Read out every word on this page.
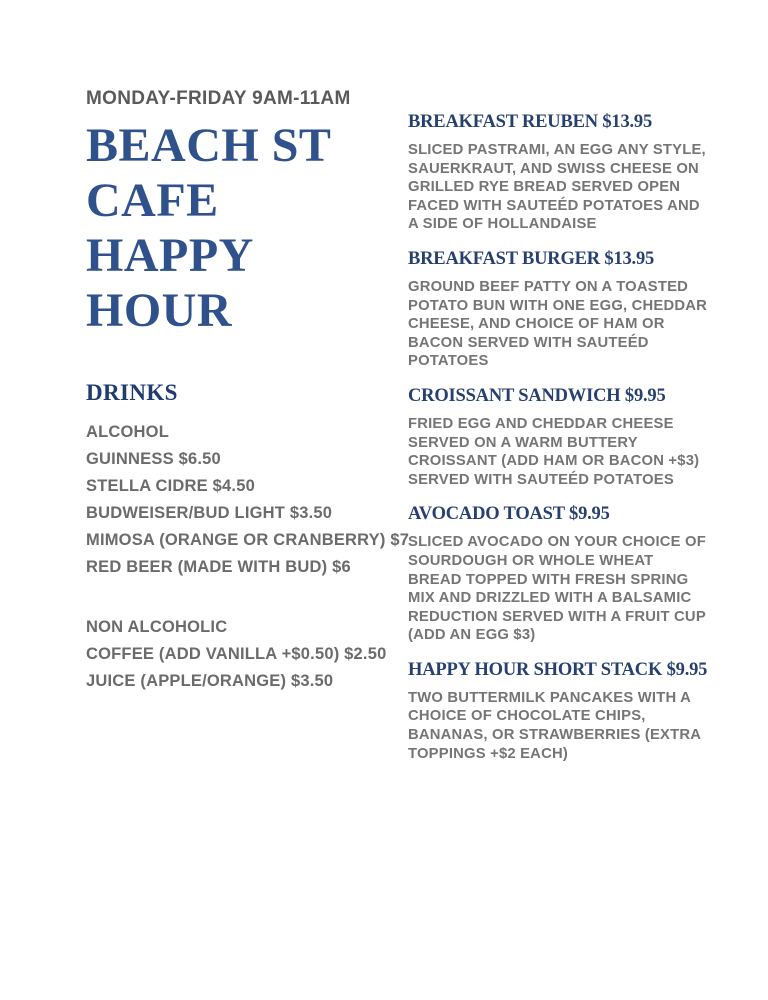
MONDAY-FRIDAY 9AM-11AM
BEACH ST
CAFE
HAPPY
HOUR
DRINKS
ALCOHOL
GUINNESS $6.50
STELLA CIDRE $4.50
BUDWEISER/BUD LIGHT $3.50
MIMOSA (ORANGE OR CRANBERRY) $7
RED BEER (MADE WITH BUD) $6
NON ALCOHOLIC
COFFEE (ADD VANILLA +$0.50) $2.50
JUICE (APPLE/ORANGE) $3.50
BREAKFAST REUBEN $13.95

SLICED PASTRAMI, AN EGG ANY STYLE, SAUERKRAUT, AND SWISS CHEESE ON GRILLED RYE BREAD SERVED OPEN FACED WITH SAUTEÉD POTATOES AND A SIDE OF HOLLANDAISE

BREAKFAST BURGER $13.95

GROUND BEEF PATTY ON A TOASTED POTATO BUN WITH ONE EGG, CHEDDAR CHEESE, AND CHOICE OF HAM OR BACON SERVED WITH SAUTEÉD POTATOES

CROISSANT SANDWICH $9.95

FRIED EGG AND CHEDDAR CHEESE SERVED ON A WARM BUTTERY CROISSANT (ADD HAM OR BACON +$3) SERVED WITH SAUTEÉD POTATOES

AVOCADO TOAST $9.95

SLICED AVOCADO ON YOUR CHOICE OF SOURDOUGH OR WHOLE WHEAT BREAD TOPPED WITH FRESH SPRING MIX AND DRIZZLED WITH A BALSAMIC REDUCTION SERVED WITH A FRUIT CUP (ADD AN EGG $3)

HAPPY HOUR SHORT STACK $9.95

TWO BUTTERMILK PANCAKES WITH A CHOICE OF CHOCOLATE CHIPS, BANANAS, OR STRAWBERRIES (EXTRA TOPPINGS +$2 EACH)
